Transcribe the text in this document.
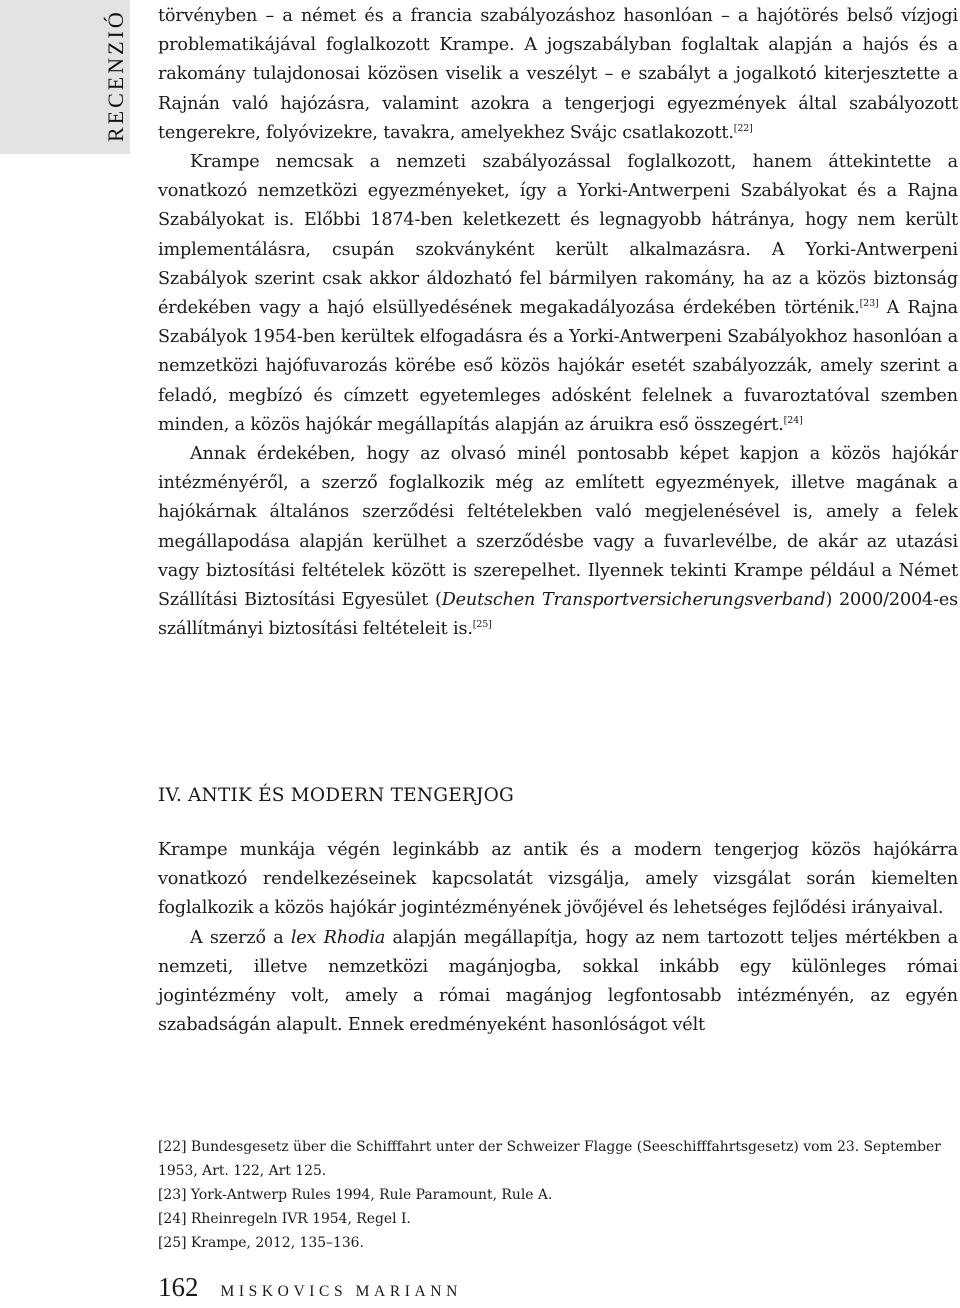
RECENZIÓ törvényben – a német és a francia szabályozáshoz hasonlóan – a hajótörés belső vízjogi problematikájával foglalkozott Krampe. A jogszabályban foglaltak alapján a hajós és a rakomány tulajdonosai közösen viselik a veszélyt – e szabályt a jogalkotó kiterjesztette a Rajnán való hajózásra, valamint azokra a tengerjogi egyezmények által szabályozott tengerekre, folyóvizekre, tavakra, amelyekhez Svájc csatlakozott.[22]

Krampe nemcsak a nemzeti szabályozással foglalkozott, hanem áttekintette a vonatkozó nemzetközi egyezményeket, így a Yorki-Antwerpeni Szabályokat és a Rajna Szabályokat is. Előbbi 1874-ben keletkezett és legnagyobb hátránya, hogy nem került implementálásra, csupán szokványként került alkalmazásra. A Yorki-Antwerpeni Szabályok szerint csak akkor áldozható fel bármilyen rakomány, ha az a közös biztonság érdekében vagy a hajó elsüllyedésének megakadályozása érdekében történik.[23] A Rajna Szabályok 1954-ben kerültek elfogadásra és a Yorki-Antwerpeni Szabályokhoz hasonlóan a nemzetközi hajófuvarozás körébe eső közös hajókár esetét szabályozzák, amely szerint a feladó, megbízó és címzett egyetemleges adósként felelnek a fuvaroztatóval szemben minden, a közös hajókár megállapítás alapján az áruikra eső összegért.[24]

Annak érdekében, hogy az olvasó minél pontosabb képet kapjon a közös hajókár intézményéről, a szerző foglalkozik még az említett egyezmények, illetve magának a hajókárnak általános szerződési feltételekben való megjelenésével is, amely a felek megállapodása alapján kerülhet a szerződésbe vagy a fuvarlevélbe, de akár az utazási vagy biztosítási feltételek között is szerepelhet. Ilyennek tekinti Krampe például a Német Szállítási Biztosítási Egyesület (Deutschen Transportversicherungsverband) 2000/2004-es szállítmányi biztosítási feltételeit is.[25]

IV. ANTIK ÉS MODERN TENGERJOG

Krampe munkája végén leginkább az antik és a modern tengerjog közös hajókárra vonatkozó rendelkezéseinek kapcsolatát vizsgálja, amely vizsgálat során kiemelten foglalkozik a közös hajókár jogintézményének jövőjével és lehetséges fejlődési irányaival.

A szerző a lex Rhodia alapján megállapítja, hogy az nem tartozott teljes mértékben a nemzeti, illetve nemzetközi magánjogba, sokkal inkább egy különleges római jogintézmény volt, amely a római magánjog legfontosabb intézményén, az egyén szabadságán alapult. Ennek eredményeként hasonlóságot vélt

[22] Bundesgesetz über die Schifffahrt unter der Schweizer Flagge (Seeschifffahrtsgesetz) vom 23. September 1953, Art. 122, Art 125.

[23] York-Antwerp Rules 1994, Rule Paramount, Rule A.

[24] Rheinregeln IVR 1954, Regel I.

[25] Krampe, 2012, 135–136.

162 MISKOVICS MARIANN
